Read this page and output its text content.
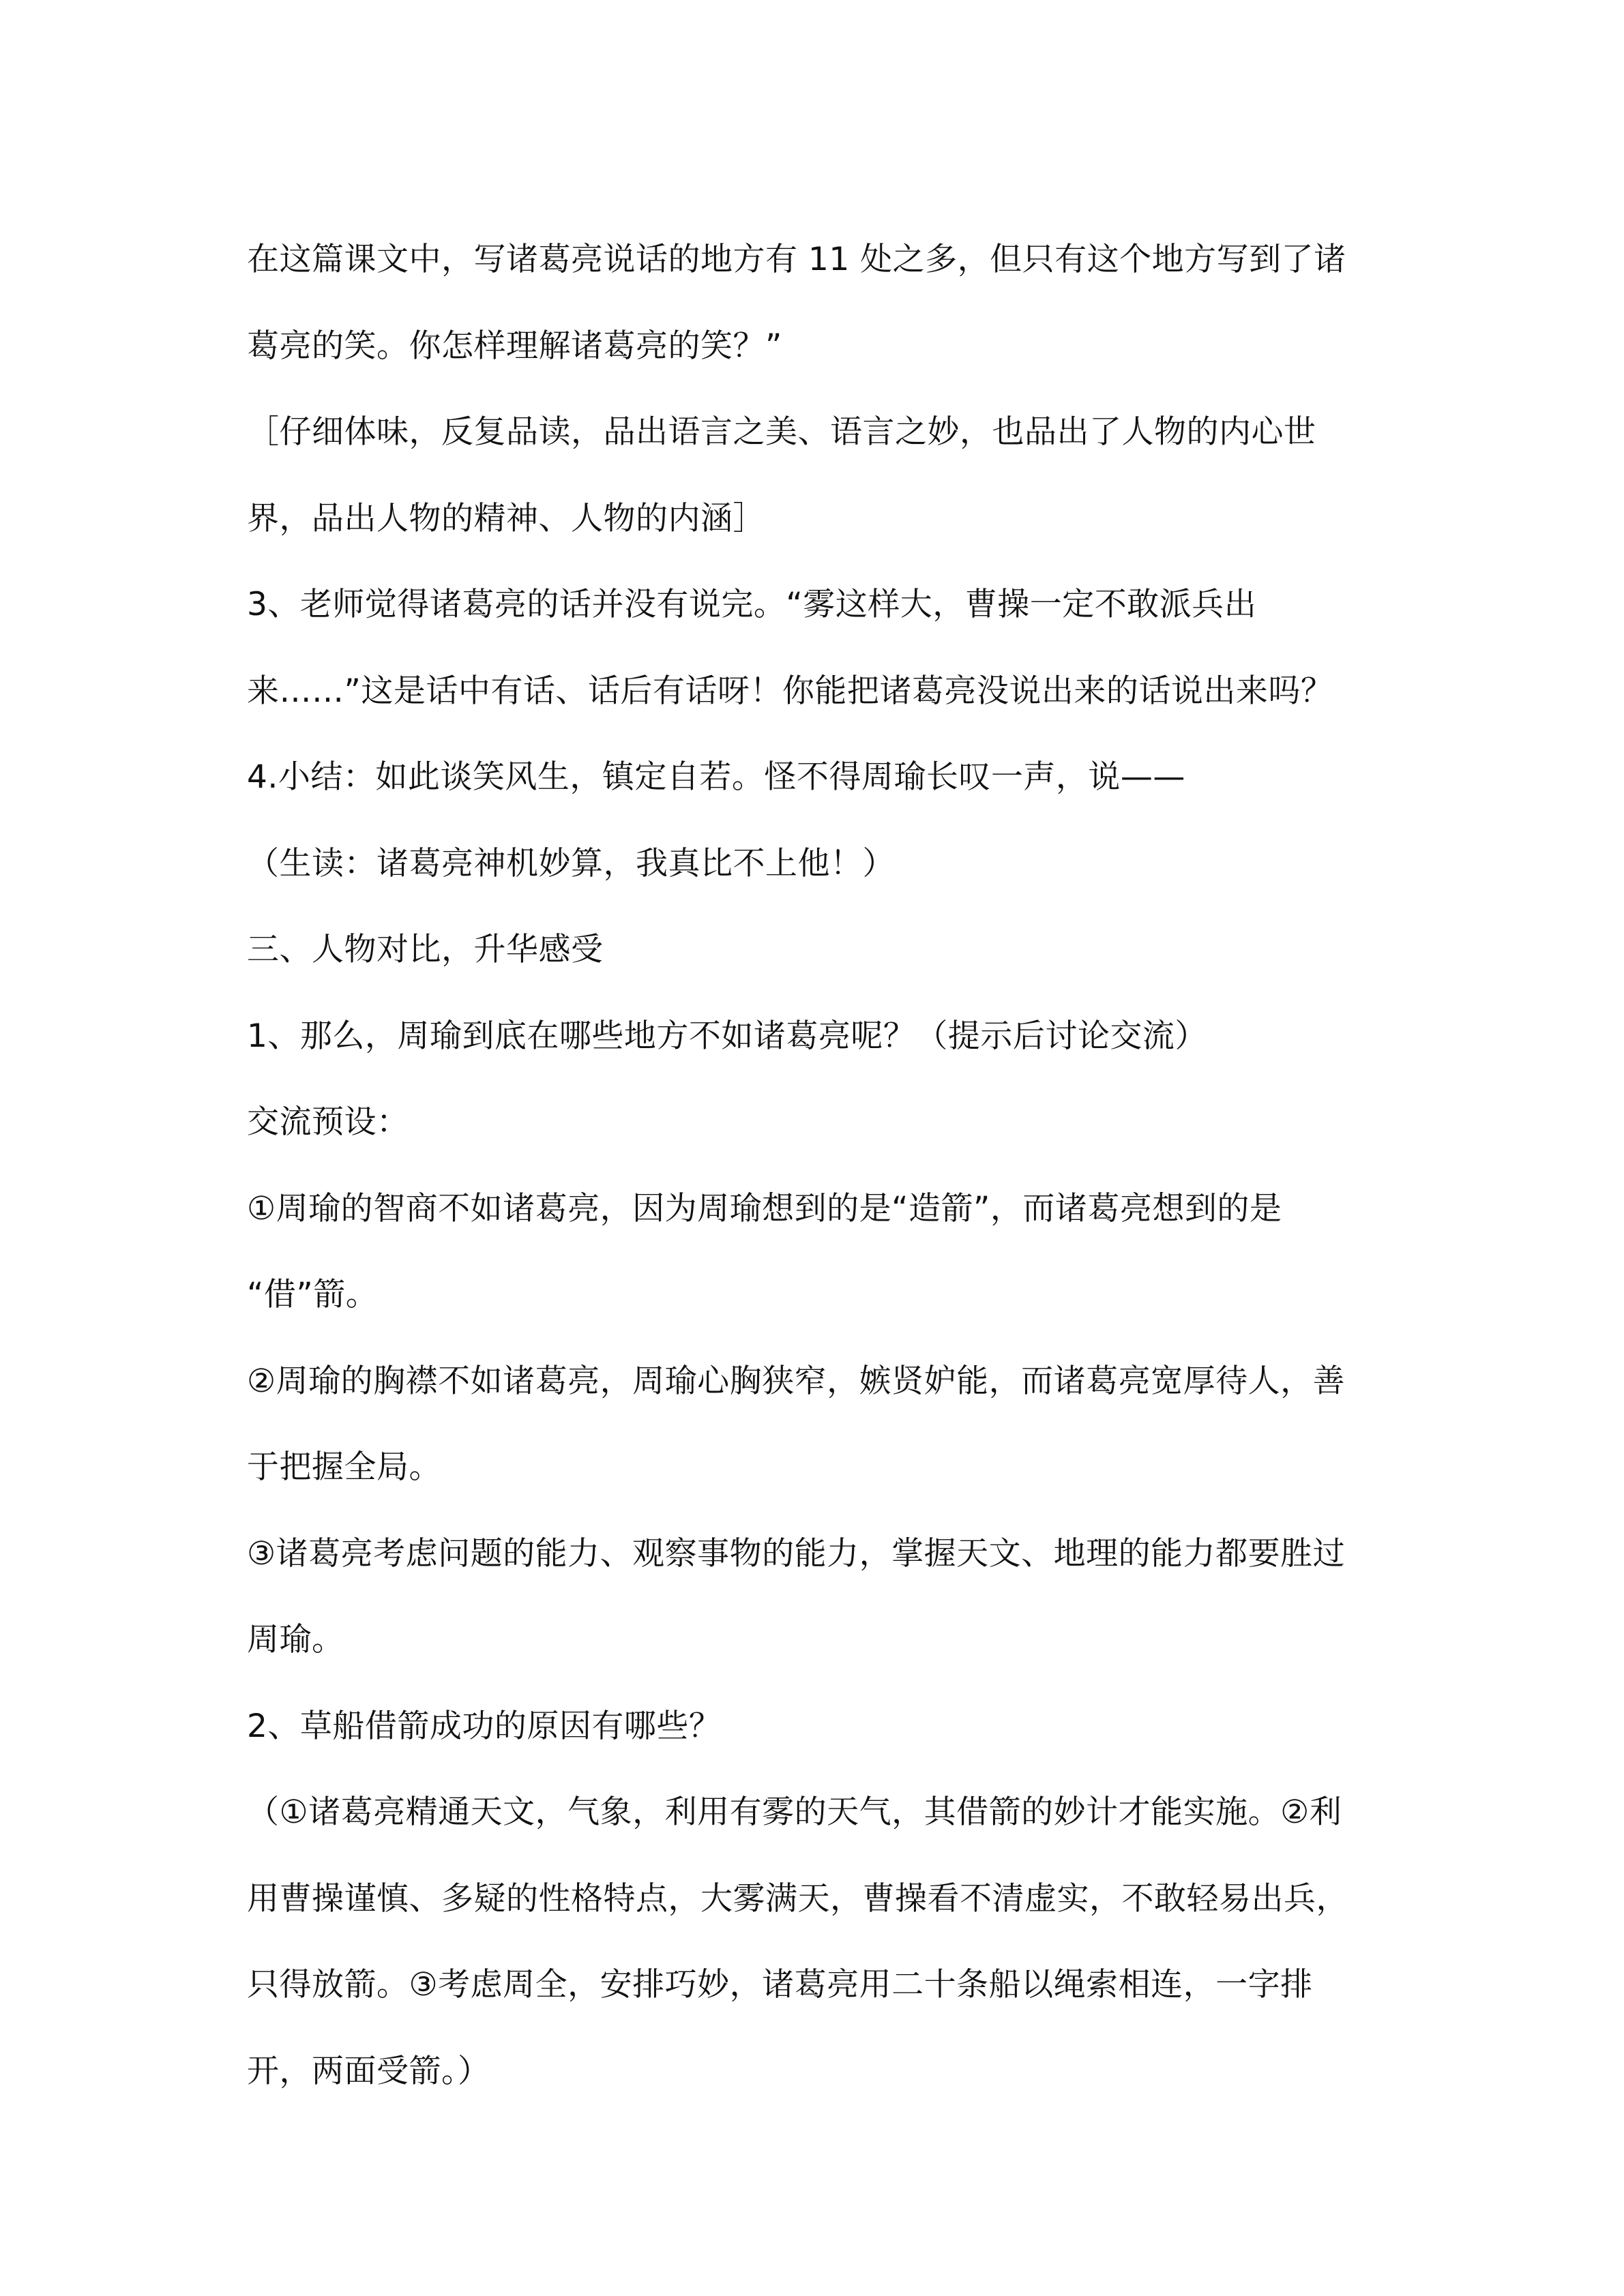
在这篇课文中，写诸葛亮说话的地方有 11 处之多，但只有这个地方写到了诸
葛亮的笑。你怎样理解诸葛亮的笑？”
［仔细体味，反复品读，品出语言之美、语言之妙，也品出了人物的内心世
界，品出人物的精神、人物的内涵］
3、老师觉得诸葛亮的话并没有说完。“雾这样大，曹操一定不敢派兵出
来……”这是话中有话、话后有话呀！你能把诸葛亮没说出来的话说出来吗？
4.小结：如此谈笑风生，镇定自若。怪不得周瑜长叹一声，说——
（生读：诸葛亮神机妙算，我真比不上他！）
三、人物对比，升华感受
1、那么，周瑜到底在哪些地方不如诸葛亮呢？（提示后讨论交流）
交流预设：
①周瑜的智商不如诸葛亮，因为周瑜想到的是“造箭”，而诸葛亮想到的是
“借”箭。
②周瑜的胸襟不如诸葛亮，周瑜心胸狭窄，嫉贤妒能，而诸葛亮宽厚待人，善
于把握全局。
③诸葛亮考虑问题的能力、观察事物的能力，掌握天文、地理的能力都要胜过
周瑜。
2、草船借箭成功的原因有哪些？
（①诸葛亮精通天文，气象，利用有雾的天气，其借箭的妙计才能实施。②利
用曹操谨慎、多疑的性格特点，大雾满天，曹操看不清虚实，不敢轻易出兵，
只得放箭。③考虑周全，安排巧妙，诸葛亮用二十条船以绳索相连，一字排
开，两面受箭。）
